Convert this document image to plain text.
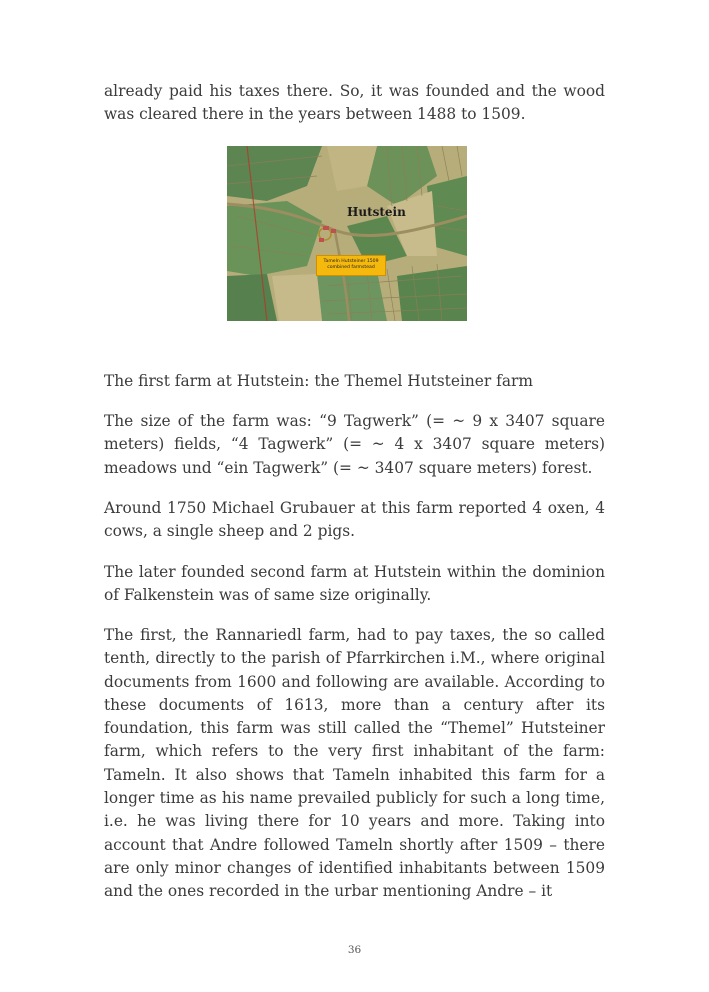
already paid his taxes there. So, it was founded and the wood was cleared there in the years between 1488 to 1509.

Hutstein
Tameln Hutsteiner 1509
combined farmstead

The first farm at Hutstein: the Themel Hutsteiner farm

The size of the farm was: “9 Tagwerk” (= ~ 9 x 3407 square meters) fields, “4 Tagwerk” (= ~ 4 x 3407 square meters) meadows und “ein Tagwerk” (= ~ 3407 square meters) forest.

Around 1750 Michael Grubauer at this farm reported 4 oxen, 4 cows, a single sheep and 2 pigs.

The later founded second farm at Hutstein within the dominion of Falkenstein was of same size originally.

The first, the Rannariedl farm, had to pay taxes, the so called tenth, directly to the parish of Pfarrkirchen i.M., where original documents from 1600 and following are available. According to these documents of 1613, more than a century after its foundation, this farm was still called the “Themel” Hutsteiner farm, which refers to the very first inhabitant of the farm: Tameln. It also shows that Tameln inhabited this farm for a longer time as his name prevailed publicly for such a long time, i.e. he was living there for 10 years and more. Taking into account that Andre followed Tameln shortly after 1509 – there are only minor changes of identified inhabitants between 1509 and the ones recorded in the urbar mentioning Andre – it

36
